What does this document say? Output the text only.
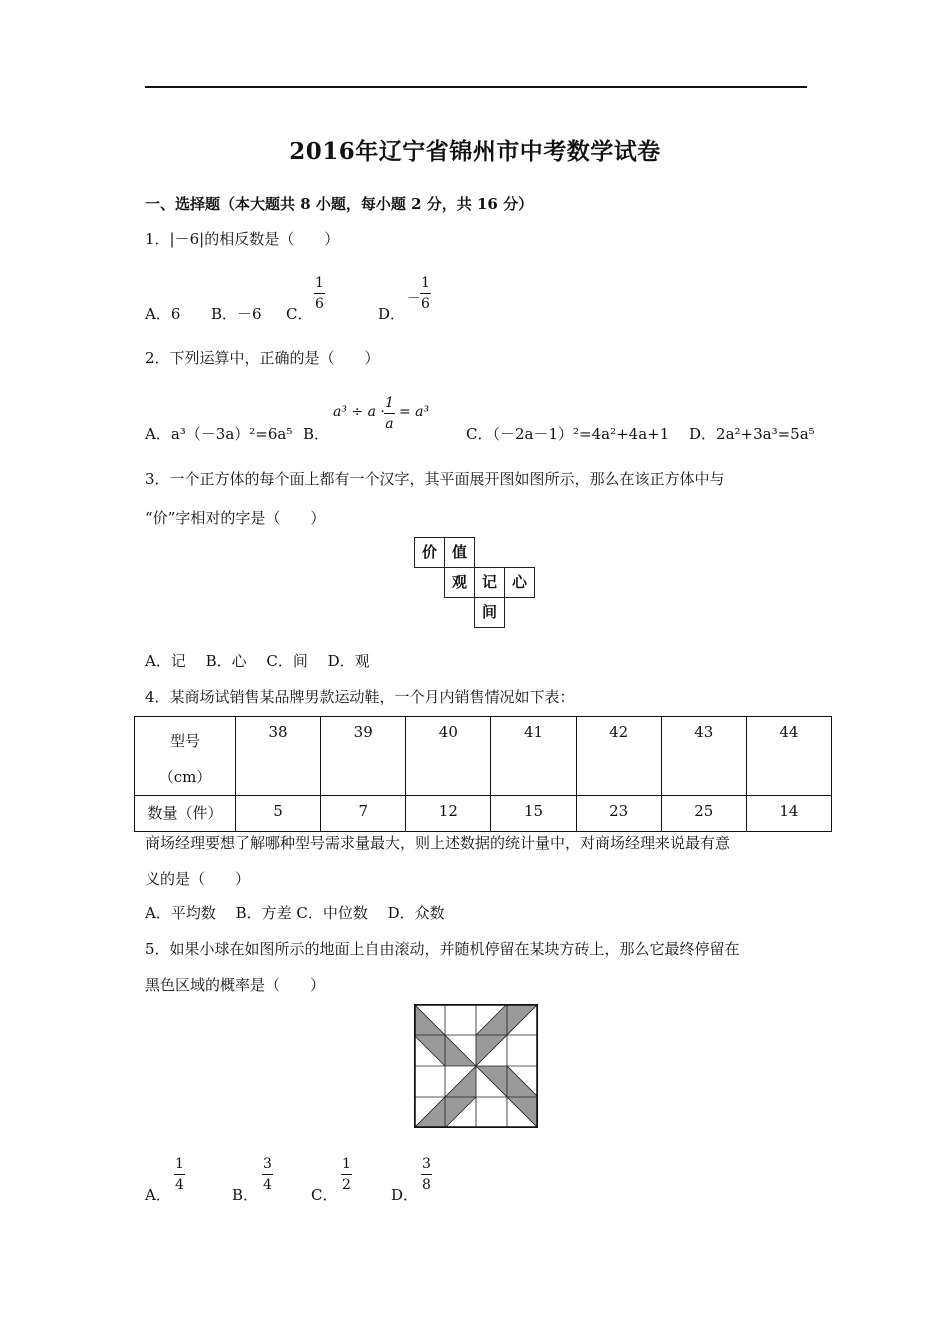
2016年辽宁省锦州市中考数学试卷
一、选择题（本大题共 8 小题，每小题 2 分，共 16 分）
1．|－6|的相反数是（　　）
A．6 B．－6 C．
1
6
D．
－
1
6
2．下列运算中，正确的是（　　）
A．a³（－3a）²=6a⁵ B．
a³ ÷ a ·
1
a
= a³
C．（－2a－1）²=4a²+4a+1 D．2a²+3a³=5a⁵
3．一个正方体的每个面上都有一个汉字，其平面展开图如图所示，那么在该正方体中与
“价”字相对的字是（　　）
价 值
观 记 心
间
A．记　 B．心　 C．间　 D．观
4．某商场试销售某品牌男款运动鞋，一个月内销售情况如下表：
型号
（cm）	38	39	40	41	42	43	44
数量（件）	5	7	12	15	23	25	14
商场经理要想了解哪种型号需求量最大，则上述数据的统计量中，对商场经理来说最有意
义的是（　　）
A．平均数　 B．方差 C．中位数　 D．众数
5．如果小球在如图所示的地面上自由滚动，并随机停留在某块方砖上，那么它最终停留在
黑色区域的概率是（　　）
A．
1
4
B．
3
4
C．
1
2
D．
3
8
